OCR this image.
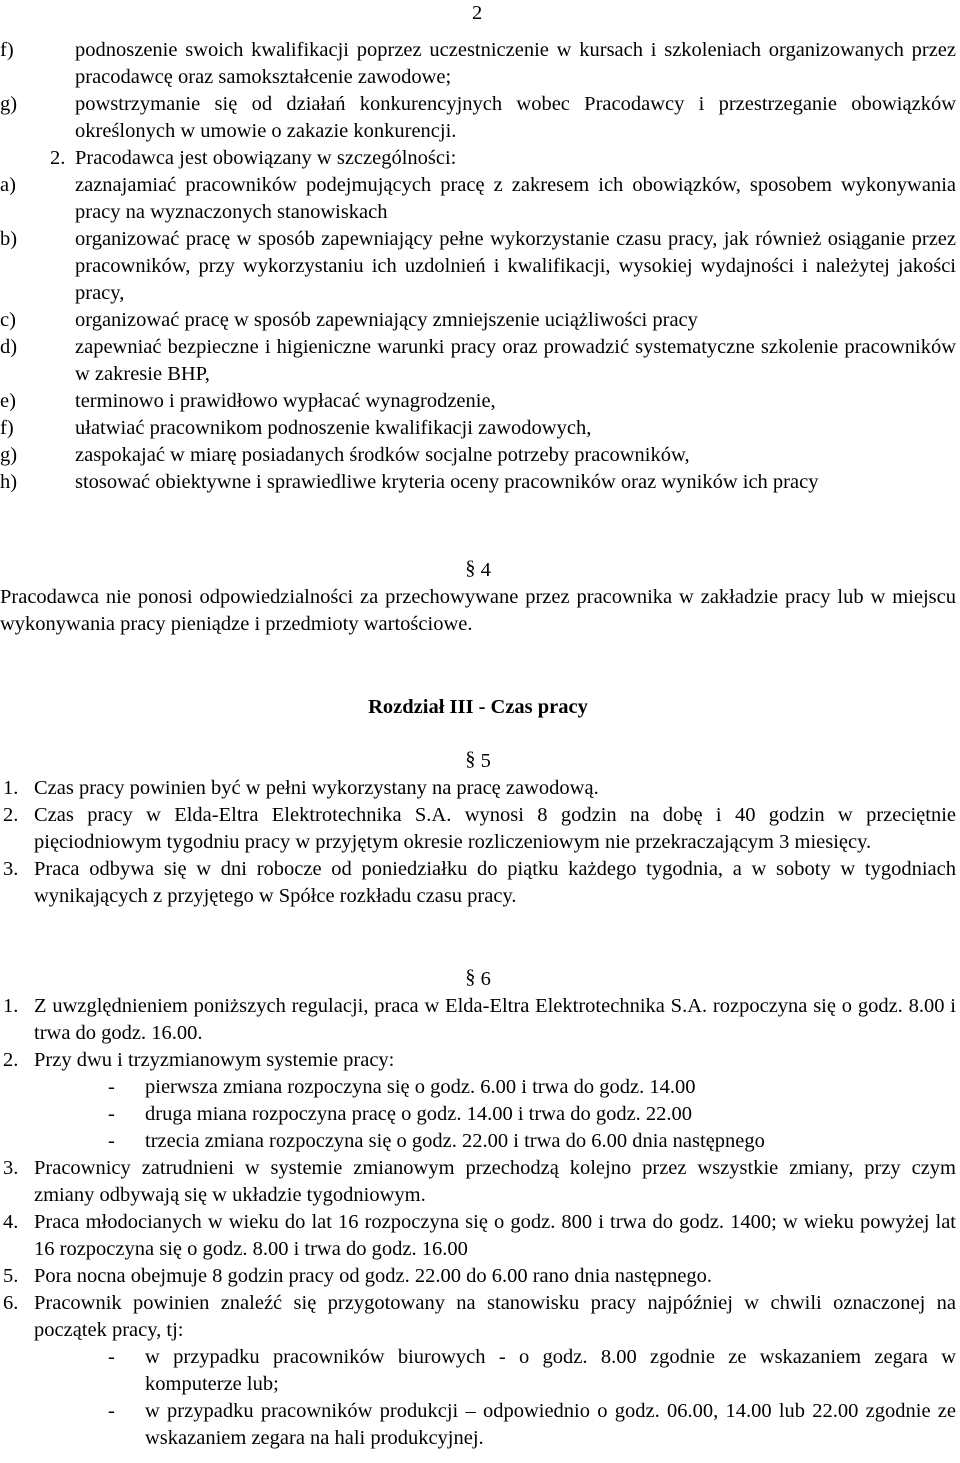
2
f)	podnoszenie swoich kwalifikacji poprzez uczestniczenie w kursach i szkoleniach organizowanych przez pracodawcę oraz samokształcenie zawodowe;
g)	powstrzymanie się od działań konkurencyjnych wobec Pracodawcy i przestrzeganie obowiązków określonych w umowie o zakazie konkurencji.
2. Pracodawca jest obowiązany w szczególności:
a)	zaznajamiać pracowników podejmujących pracę z zakresem ich obowiązków, sposobem wykonywania pracy na wyznaczonych stanowiskach
b)	organizować pracę w sposób zapewniający pełne wykorzystanie czasu pracy, jak również osiąganie przez pracowników, przy wykorzystaniu ich uzdolnień i kwalifikacji, wysokiej wydajności i należytej jakości pracy,
c)	organizować pracę w sposób zapewniający zmniejszenie uciążliwości pracy
d)	zapewniać bezpieczne i higieniczne warunki pracy oraz prowadzić systematyczne szkolenie pracowników w zakresie BHP,
e)	terminowo i prawidłowo wypłacać wynagrodzenie,
f)	ułatwiać pracownikom podnoszenie kwalifikacji zawodowych,
g)	zaspokajać w miarę posiadanych środków socjalne potrzeby pracowników,
h)	stosować obiektywne i sprawiedliwe kryteria oceny pracowników oraz wyników ich pracy
§ 4
Pracodawca nie ponosi odpowiedzialności za przechowywane przez pracownika w zakładzie pracy lub w miejscu wykonywania pracy pieniądze i przedmioty wartościowe.
Rozdział III - Czas pracy
§ 5
1. Czas pracy powinien być w pełni wykorzystany na pracę zawodową.
2. Czas pracy w Elda-Eltra Elektrotechnika S.A. wynosi 8 godzin na dobę i 40 godzin w przeciętnie pięciodniowym tygodniu pracy w przyjętym okresie rozliczeniowym nie przekraczającym 3 miesięcy.
3. Praca odbywa się w dni robocze od poniedziałku do piątku każdego tygodnia, a w soboty w tygodniach wynikających z przyjętego w Spółce rozkładu czasu pracy.
§ 6
1. Z uwzględnieniem poniższych regulacji, praca w Elda-Eltra Elektrotechnika S.A. rozpoczyna się o godz. 8.00 i trwa do godz. 16.00.
2. Przy dwu i trzyzmianowym systemie pracy:
- pierwsza zmiana rozpoczyna się o godz. 6.00 i trwa do godz. 14.00
- druga miana rozpoczyna pracę o godz. 14.00 i trwa do godz. 22.00
- trzecia zmiana rozpoczyna się o godz. 22.00 i trwa do 6.00 dnia następnego
3. Pracownicy zatrudnieni w systemie zmianowym przechodzą kolejno przez wszystkie zmiany, przy czym zmiany odbywają się w układzie tygodniowym.
4. Praca młodocianych w wieku do lat 16 rozpoczyna się o godz. 800 i trwa do godz. 1400; w wieku powyżej lat 16 rozpoczyna się o godz. 8.00 i trwa do godz. 16.00
5. Pora nocna obejmuje 8 godzin pracy od godz. 22.00 do 6.00 rano dnia następnego.
6. Pracownik powinien znaleźć się przygotowany na stanowisku pracy najpóźniej w chwili oznaczonej na początek pracy, tj:
- w przypadku pracowników biurowych - o godz. 8.00 zgodnie ze wskazaniem zegara w komputerze lub;
- w przypadku pracowników produkcji – odpowiednio o godz. 06.00, 14.00 lub 22.00 zgodnie ze wskazaniem zegara na hali produkcyjnej.
